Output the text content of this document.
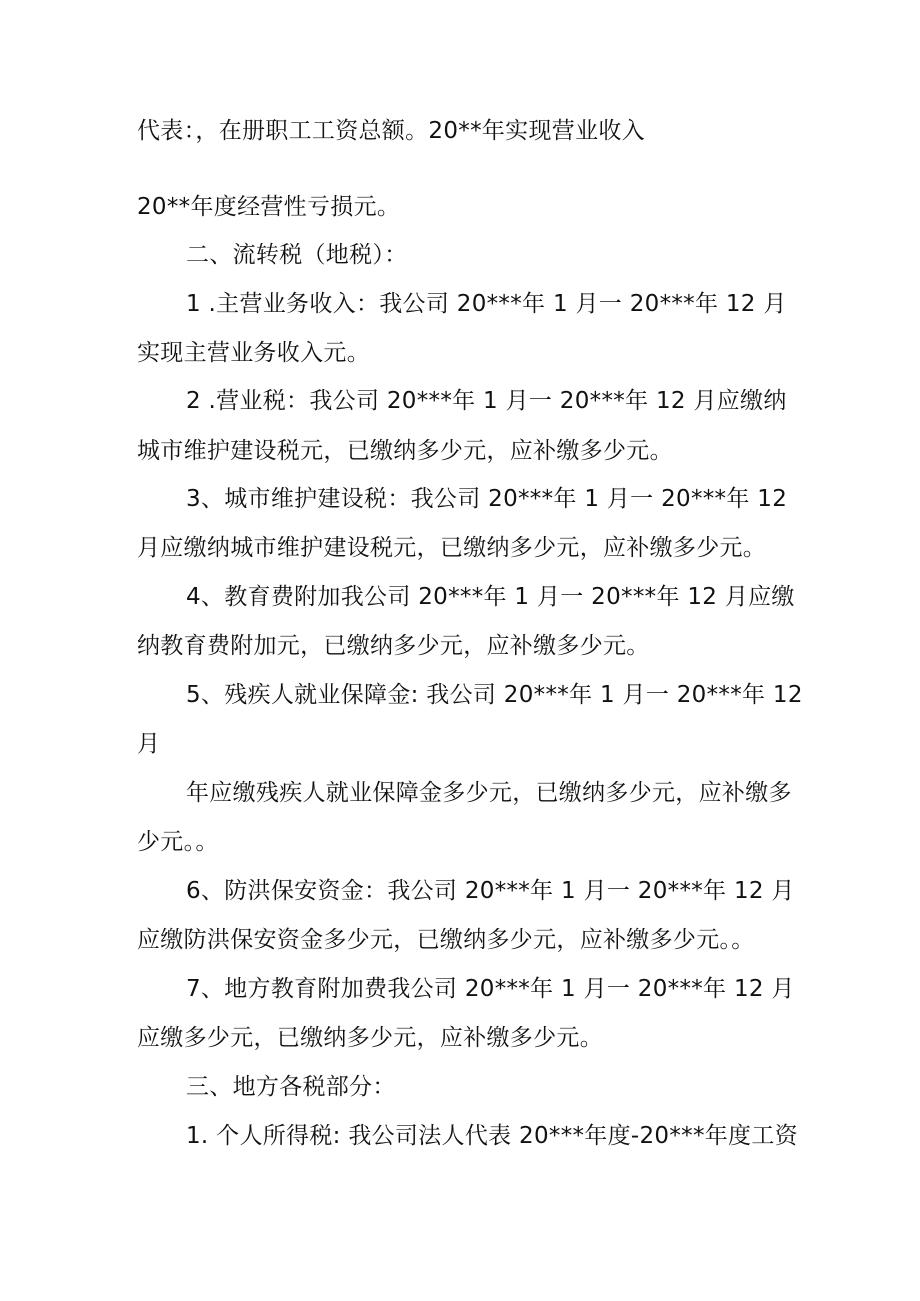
代表：，在册职工工资总额。20**年实现营业收入
20**年度经营性亏损元。
二、流转税（地税）：
1 .主营业务收入：我公司 20***年 1 月一 20***年 12 月
实现主营业务收入元。
2 .营业税：我公司 20***年 1 月一 20***年 12 月应缴纳
城市维护建设税元，已缴纳多少元，应补缴多少元。
3、城市维护建设税：我公司 20***年 1 月一 20***年 12
月应缴纳城市维护建设税元，已缴纳多少元，应补缴多少元。
4、教育费附加我公司 20***年 1 月一 20***年 12 月应缴
纳教育费附加元，已缴纳多少元，应补缴多少元。
5、残疾人就业保障金: 我公司 20***年 1 月一 20***年 12
月
年应缴残疾人就业保障金多少元，已缴纳多少元，应补缴多
少元。。
6、防洪保安资金：我公司 20***年 1 月一 20***年 12 月
应缴防洪保安资金多少元，已缴纳多少元，应补缴多少元。。
7、地方教育附加费我公司 20***年 1 月一 20***年 12 月
应缴多少元，已缴纳多少元，应补缴多少元。
三、地方各税部分：
1. 个人所得税: 我公司法人代表 20***年度-20***年度工资
